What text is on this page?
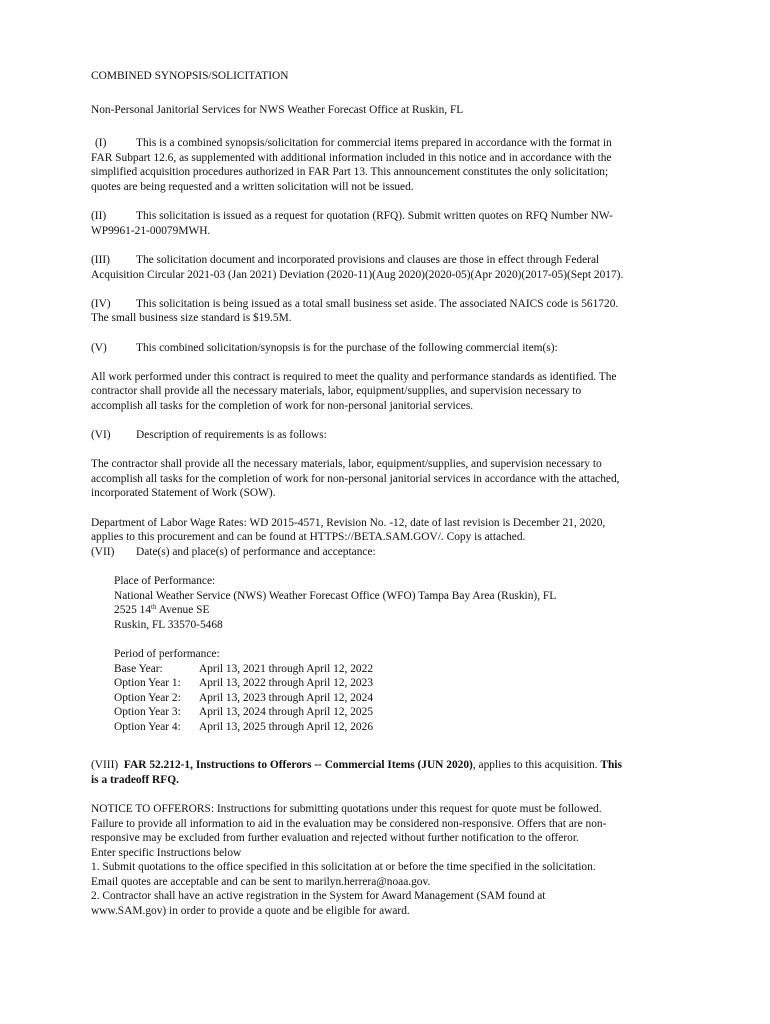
COMBINED SYNOPSIS/SOLICITATION

Non-Personal Janitorial Services for NWS Weather Forecast Office at Ruskin, FL

(I)	This is a combined synopsis/solicitation for commercial items prepared in accordance with the format in

FAR Subpart 12.6, as supplemented with additional information included in this notice and in accordance with the

simplified acquisition procedures authorized in FAR Part 13. This announcement constitutes the only solicitation;

quotes are being requested and a written solicitation will not be issued.

(II)	This solicitation is issued as a request for quotation (RFQ). Submit written quotes on RFQ Number NW-

WP9961-21-00079MWH.

(III) The solicitation document and incorporated provisions and clauses are those in effect through Federal

Acquisition Circular 2021-03 (Jan 2021) Deviation (2020-11)(Aug 2020)(2020-05)(Apr 2020)(2017-05)(Sept 2017).

(IV) This solicitation is being issued as a total small business set aside. The associated NAICS code is 561720.

The small business size standard is $19.5M.

(V)	This combined solicitation/synopsis is for the purchase of the following commercial item(s):

All work performed under this contract is required to meet the quality and performance standards as identified. The

contractor shall provide all the necessary materials, labor, equipment/supplies, and supervision necessary to

accomplish all tasks for the completion of work for non-personal janitorial services.

(VI) Description of requirements is as follows:

The contractor shall provide all the necessary materials, labor, equipment/supplies, and supervision necessary to

accomplish all tasks for the completion of work for non-personal janitorial services in accordance with the attached,

incorporated Statement of Work (SOW).

Department of Labor Wage Rates: WD 2015-4571, Revision No. -12, date of last revision is December 21, 2020,

applies to this procurement and can be found at HTTPS://BETA.SAM.GOV/. Copy is attached.

(VII) Date(s) and place(s) of performance and acceptance:

Place of Performance:

National Weather Service (NWS) Weather Forecast Office (WFO) Tampa Bay Area (Ruskin), FL

2525 14th Avenue SE

Ruskin, FL 33570-5468

Period of performance:

Base Year:	April 13, 2021 through April 12, 2022

Option Year 1: April 13, 2022 through April 12, 2023

Option Year 2: April 13, 2023 through April 12, 2024

Option Year 3: April 13, 2024 through April 12, 2025

Option Year 4: April 13, 2025 through April 12, 2026

(VIII) FAR 52.212-1, Instructions to Offerors -- Commercial Items (JUN 2020), applies to this acquisition. This

is a tradeoff RFQ.

NOTICE TO OFFERORS: Instructions for submitting quotations under this request for quote must be followed.

Failure to provide all information to aid in the evaluation may be considered non-responsive. Offers that are non-

responsive may be excluded from further evaluation and rejected without further notification to the offeror.

Enter specific Instructions below

1. Submit quotations to the office specified in this solicitation at or before the time specified in the solicitation.

Email quotes are acceptable and can be sent to marilyn.herrera@noaa.gov.

2. Contractor shall have an active registration in the System for Award Management (SAM found at

www.SAM.gov) in order to provide a quote and be eligible for award.
